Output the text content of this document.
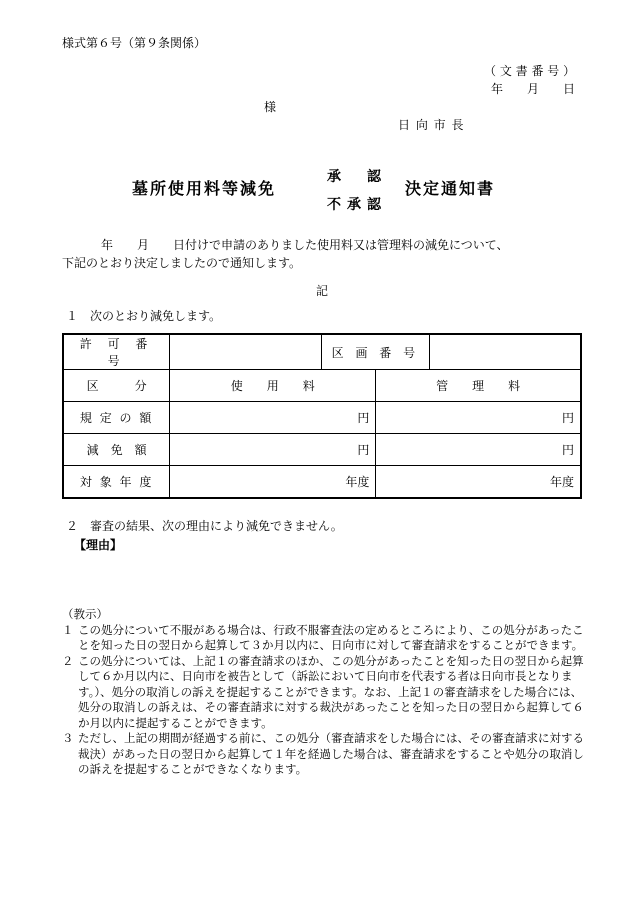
様式第６号（第９条関係）
（ 文 書 番 号 ）
年　　月　　日
様
日 向 市 長
墓所使用料等減免
承　認
不承認
決定通知書
年　　月　　日付けで申請のありました使用料又は管理料の減免について、
下記のとおり決定しましたので通知します。
記
１　次のとおり減免します。
許 可 番 号		区 画 番 号		
区　　　分	使　　用　　料		管　　理　　料	
規 定 の 額	円		円	
減　免　額	円		円	
対 象 年 度	年度		年度	
２　審査の結果、次の理由により減免できません。
【理由】
（教示）
１ この処分について不服がある場合は、行政不服審査法の定めるところにより、この処分があったことを知った日の翌日から起算して３か月以内に、日向市に対して審査請求をすることができます。
２ この処分については、上記１の審査請求のほか、この処分があったことを知った日の翌日から起算して６か月以内に、日向市を被告として（訴訟において日向市を代表する者は日向市長となります。）、処分の取消しの訴えを提起することができます。なお、上記１の審査請求をした場合には、処分の取消しの訴えは、その審査請求に対する裁決があったことを知った日の翌日から起算して６か月以内に提起することができます。
３ ただし、上記の期間が経過する前に、この処分（審査請求をした場合には、その審査請求に対する裁決）があった日の翌日から起算して１年を経過した場合は、審査請求をすることや処分の取消しの訴えを提起することができなくなります。
